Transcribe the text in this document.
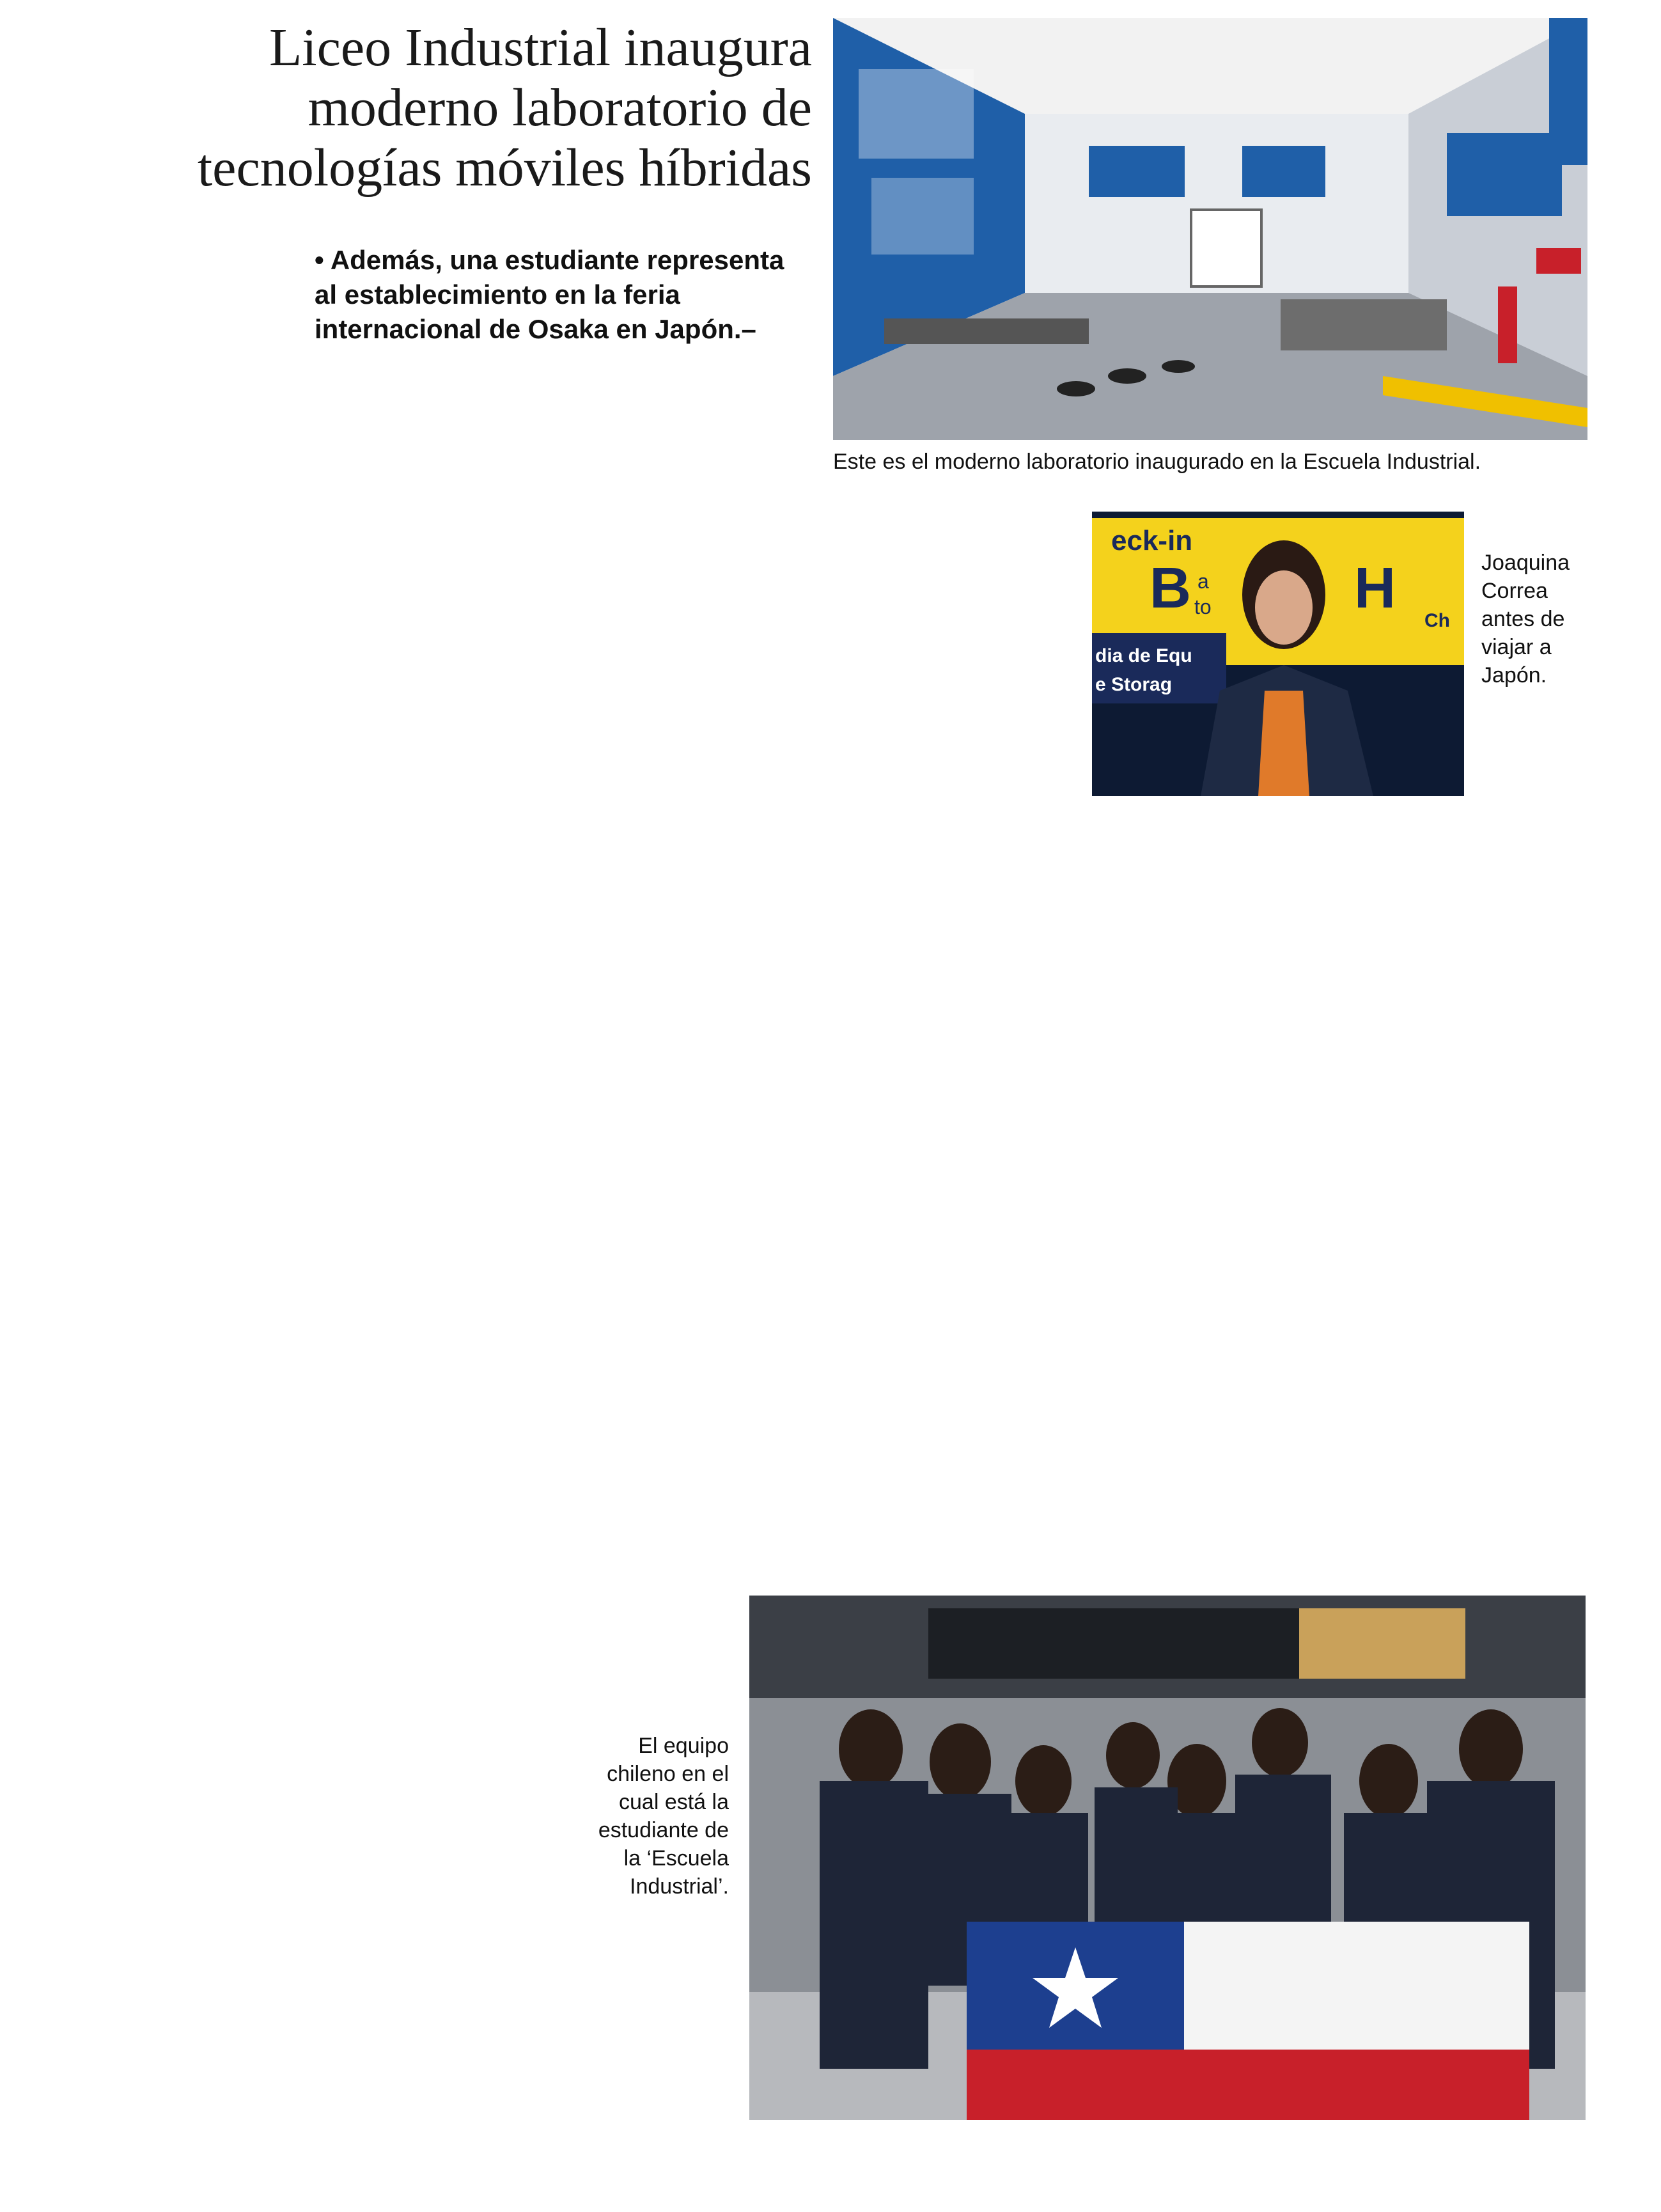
Liceo Industrial inaugura
moderno laboratorio de
tecnologías móviles híbridas
• Además, una estudiante representa al establecimiento en la feria internacional de Osaka en Japón.–
Este es el moderno laboratorio inaugurado en la Escuela Industrial.
eck-in
B a
to H
dia de Equ
e Storag
Ch
Joaquina
Correa
antes de
viajar a
Japón.
El equipo
chileno en el
cual está la
estudiante de
la ‘Escuela
Industrial’.
